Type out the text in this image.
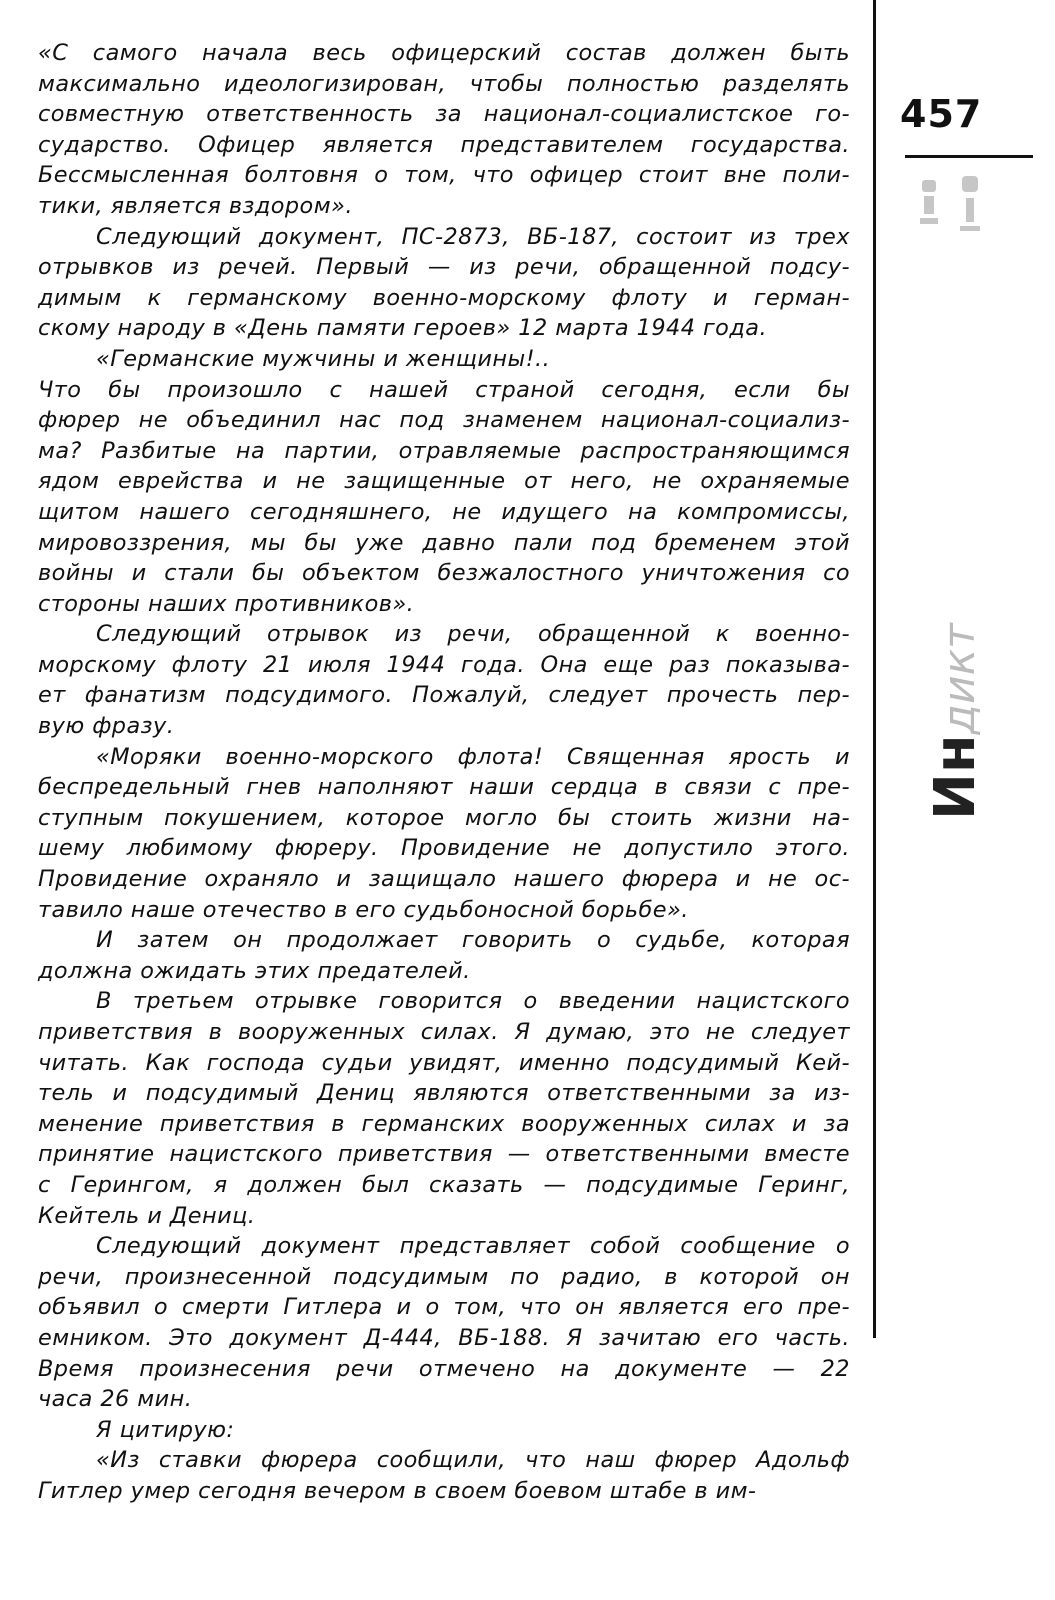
457
Индикт
«С самого начала весь офицерский состав должен быть
максимально идеологизирован, чтобы полностью разделять
совместную ответственность за национал-социалистское го-
сударство. Офицер является представителем государства.
Бессмысленная болтовня о том, что офицер стоит вне поли-
тики, является вздором».
Следующий документ, ПС-2873, ВБ-187, состоит из трех
отрывков из речей. Первый — из речи, обращенной подсу-
димым к германскому военно-морскому флоту и герман-
скому народу в «День памяти героев» 12 марта 1944 года.
«Германские мужчины и женщины!..
Что бы произошло с нашей страной сегодня, если бы
фюрер не объединил нас под знаменем национал-социализ-
ма? Разбитые на партии, отравляемые распространяющимся
ядом еврейства и не защищенные от него, не охраняемые
щитом нашего сегодняшнего, не идущего на компромиссы,
мировоззрения, мы бы уже давно пали под бременем этой
войны и стали бы объектом безжалостного уничтожения со
стороны наших противников».
Следующий отрывок из речи, обращенной к военно-
морскому флоту 21 июля 1944 года. Она еще раз показыва-
ет фанатизм подсудимого. Пожалуй, следует прочесть пер-
вую фразу.
«Моряки военно-морского флота! Священная ярость и
беспредельный гнев наполняют наши сердца в связи с пре-
ступным покушением, которое могло бы стоить жизни на-
шему любимому фюреру. Провидение не допустило этого.
Провидение охраняло и защищало нашего фюрера и не ос-
тавило наше отечество в его судьбоносной борьбе».
И затем он продолжает говорить о судьбе, которая
должна ожидать этих предателей.
В третьем отрывке говорится о введении нацистского
приветствия в вооруженных силах. Я думаю, это не следует
читать. Как господа судьи увидят, именно подсудимый Кей-
тель и подсудимый Дениц являются ответственными за из-
менение приветствия в германских вооруженных силах и за
принятие нацистского приветствия — ответственными вместе
с Герингом, я должен был сказать — подсудимые Геринг,
Кейтель и Дениц.
Следующий документ представляет собой сообщение о
речи, произнесенной подсудимым по радио, в которой он
объявил о смерти Гитлера и о том, что он является его пре-
емником. Это документ Д-444, ВБ-188. Я зачитаю его часть.
Время произнесения речи отмечено на документе — 22
часа 26 мин.
Я цитирую:
«Из ставки фюрера сообщили, что наш фюрер Адольф
Гитлер умер сегодня вечером в своем боевом штабе в им-
